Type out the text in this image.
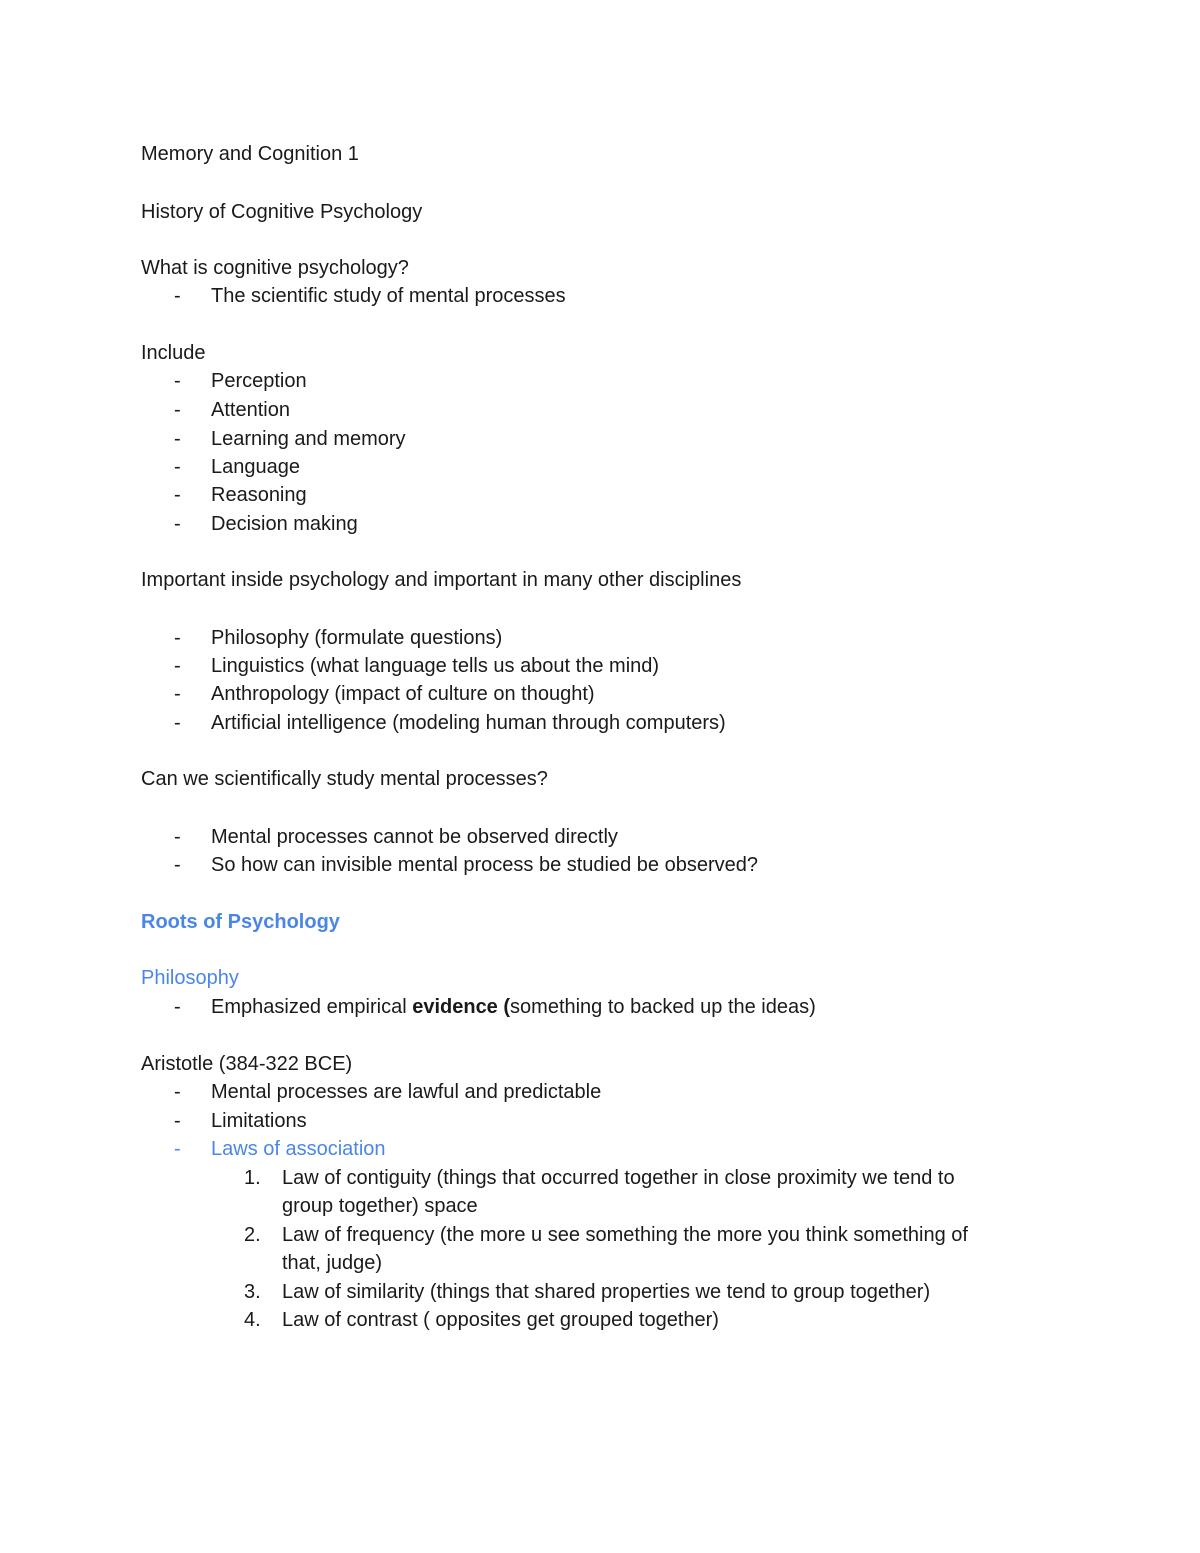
Memory and Cognition 1
History of Cognitive Psychology
What is cognitive psychology?
- The scientific study of mental processes
Include
- Perception
- Attention
- Learning and memory
- Language
- Reasoning
- Decision making
Important inside psychology and important in many other disciplines
- Philosophy (formulate questions)
- Linguistics (what language tells us about the mind)
- Anthropology (impact of culture on thought)
- Artificial intelligence (modeling human through computers)
Can we scientifically study mental processes?
- Mental processes cannot be observed directly
- So how can invisible mental process be studied be observed?
Roots of Psychology
Philosophy
- Emphasized empirical evidence (something to backed up the ideas)
Aristotle (384-322 BCE)
- Mental processes are lawful and predictable
- Limitations
- Laws of association
1. Law of contiguity (things that occurred together in close proximity we tend to
group together) space
2. Law of frequency (the more u see something the more you think something of
that, judge)
3. Law of similarity (things that shared properties we tend to group together)
4. Law of contrast ( opposites get grouped together)
